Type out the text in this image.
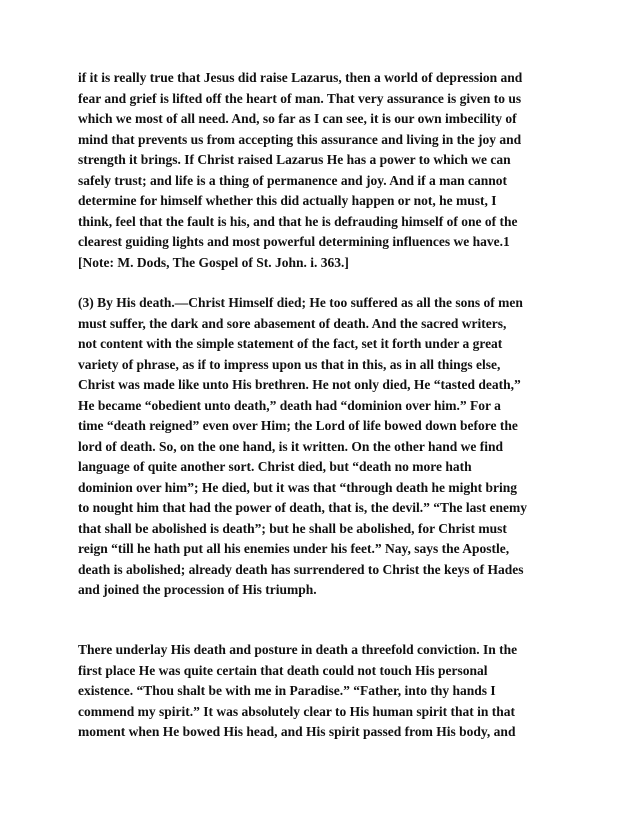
if it is really true that Jesus did raise Lazarus, then a world of depression and
fear and grief is lifted off the heart of man. That very assurance is given to us
which we most of all need. And, so far as I can see, it is our own imbecility of
mind that prevents us from accepting this assurance and living in the joy and
strength it brings. If Christ raised Lazarus He has a power to which we can
safely trust; and life is a thing of permanence and joy. And if a man cannot
determine for himself whether this did actually happen or not, he must, I
think, feel that the fault is his, and that he is defrauding himself of one of the
clearest guiding lights and most powerful determining influences we have.1
[Note: M. Dods, The Gospel of St. John. i. 363.]
(3) By His death.—Christ Himself died; He too suffered as all the sons of men
must suffer, the dark and sore abasement of death. And the sacred writers,
not content with the simple statement of the fact, set it forth under a great
variety of phrase, as if to impress upon us that in this, as in all things else,
Christ was made like unto His brethren. He not only died, He “tasted death,”
He became “obedient unto death,” death had “dominion over him.” For a
time “death reigned” even over Him; the Lord of life bowed down before the
lord of death. So, on the one hand, is it written. On the other hand we find
language of quite another sort. Christ died, but “death no more hath
dominion over him”; He died, but it was that “through death he might bring
to nought him that had the power of death, that is, the devil.” “The last enemy
that shall be abolished is death”; but he shall be abolished, for Christ must
reign “till he hath put all his enemies under his feet.” Nay, says the Apostle,
death is abolished; already death has surrendered to Christ the keys of Hades
and joined the procession of His triumph.
There underlay His death and posture in death a threefold conviction. In the
first place He was quite certain that death could not touch His personal
existence. “Thou shalt be with me in Paradise.” “Father, into thy hands I
commend my spirit.” It was absolutely clear to His human spirit that in that
moment when He bowed His head, and His spirit passed from His body, and
